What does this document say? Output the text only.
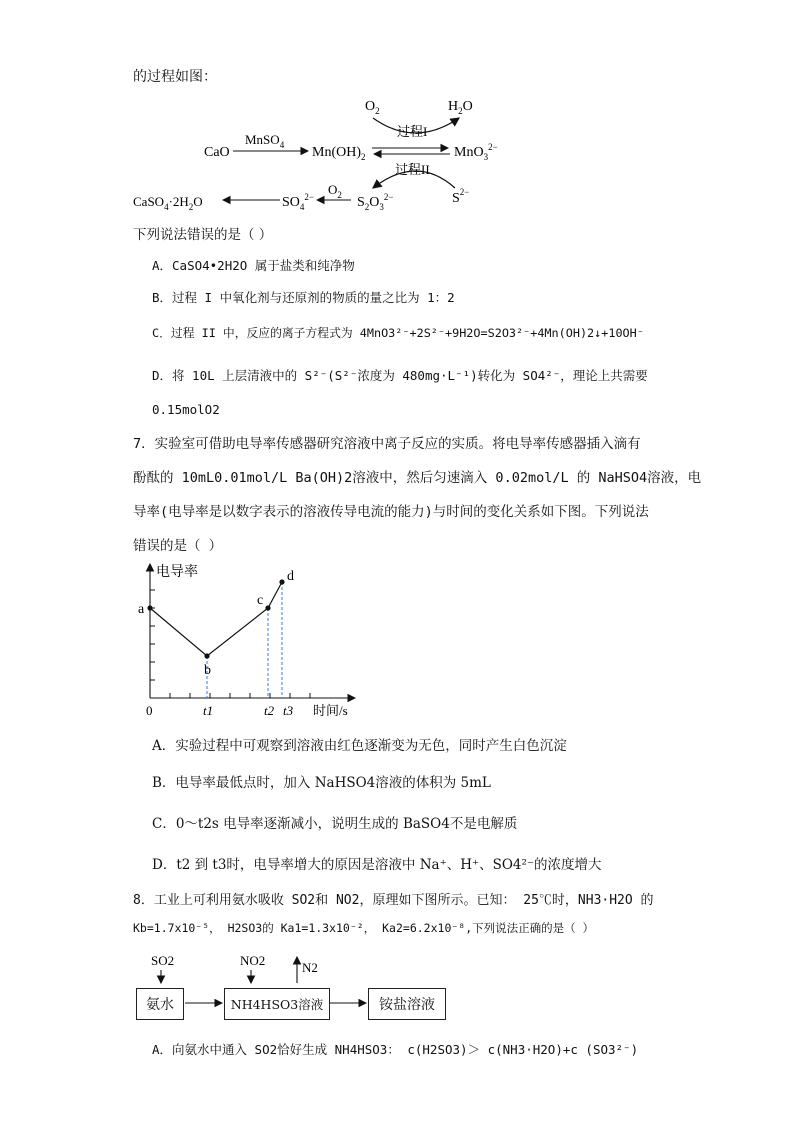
的过程如图：
$O_2$	$H_2O$
过程I
CaO
MnSO$_4$ $Mn(OH)_2$	MnO$_3^{2-}$
过程II
$S^{2-}$
$CaSO_4\cdot 2H_2O$	$SO_4^{2-}$ $O_2$ $S_2O_3^{2-}$
下列说法错误的是（ ）
A．CaSO4•2H2O 属于盐类和纯净物
B．过程 I 中氧化剂与还原剂的物质的量之比为 1：2
C．过程 II 中，反应的离子方程式为 4MnO3²⁻+2S²⁻+9H2O=S2O3²⁻+4Mn(OH)2↓+10OH⁻
D．将 10L 上层清液中的 S²⁻(S²⁻浓度为 480mg·L⁻¹)转化为 SO4²⁻，理论上共需要
0.15molO2
7．实验室可借助电导率传感器研究溶液中离子反应的实质。将电导率传感器插入滴有
酚酞的 10mL0.01mol/L Ba(OH)2溶液中，然后匀速滴入 0.02mol/L 的 NaHSO4溶液，电
导率(电导率是以数字表示的溶液传导电流的能力)与时间的变化关系如下图。下列说法
错误的是（ ）
电导率
时间/s
0
a
b
c
d
t1	t2 t3
A．实验过程中可观察到溶液由红色逐渐变为无色，同时产生白色沉淀
B．电导率最低点时，加入 NaHSO4溶液的体积为 5mL
C．0～t2s 电导率逐渐减小，说明生成的 BaSO4不是电解质
D．t2 到 t3时，电导率增大的原因是溶液中 Na⁺、H⁺、SO4²⁻的浓度增大
8．工业上可利用氨水吸收 SO2和 NO2，原理如下图所示。已知： 25℃时，NH3·H2O 的
Kb=1.7x10⁻⁵， H2SO3的 Ka1=1.3x10⁻²， Ka2=6.2x10⁻⁸,下列说法正确的是（ ）
SO2	NO2	N2
氨水	NH4HSO3溶液	铵盐溶液
A．向氨水中通入 SO2恰好生成 NH4HSO3： c(H2SO3)＞ c(NH3·H2O)+c (SO3²⁻)
